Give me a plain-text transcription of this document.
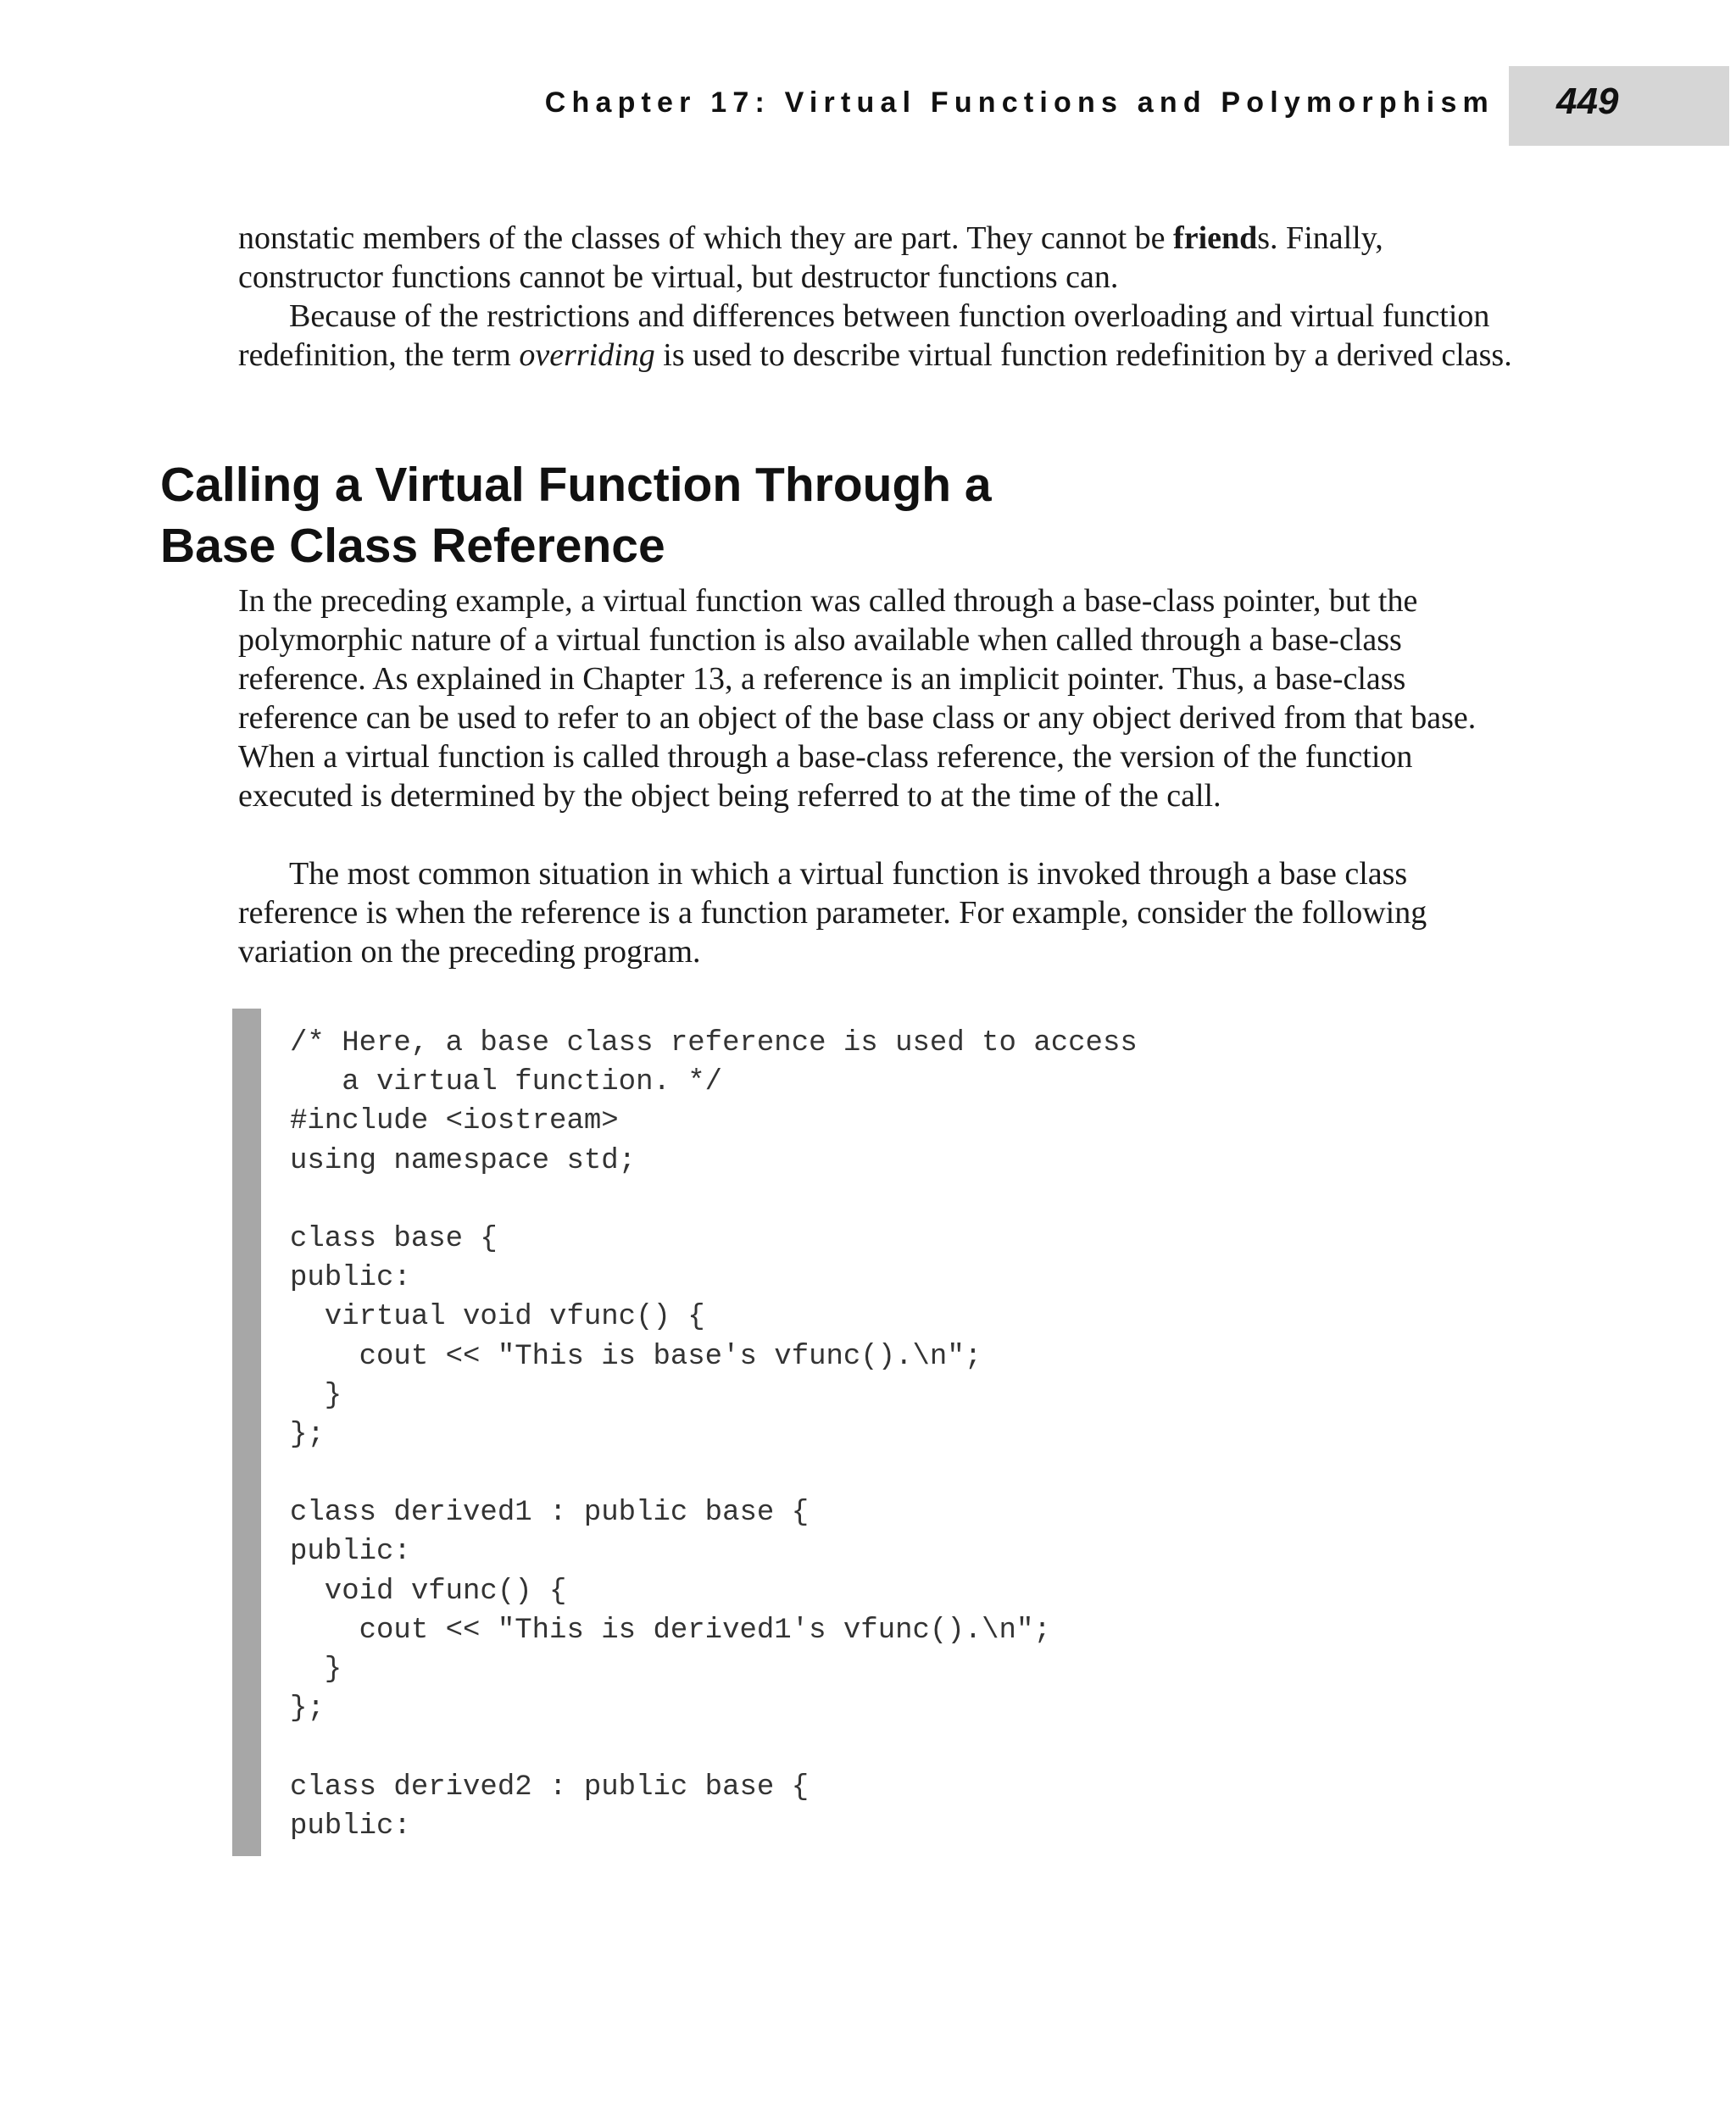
Chapter 17: Virtual Functions and Polymorphism 449

nonstatic members of the classes of which they are part. They cannot be friends. Finally, constructor functions cannot be virtual, but destructor functions can.

Because of the restrictions and differences between function overloading and virtual function redefinition, the term overriding is used to describe virtual function redefinition by a derived class.

Calling a Virtual Function Through a
Base Class Reference

In the preceding example, a virtual function was called through a base-class pointer, but the polymorphic nature of a virtual function is also available when called through a base-class reference. As explained in Chapter 13, a reference is an implicit pointer. Thus, a base-class reference can be used to refer to an object of the base class or any object derived from that base. When a virtual function is called through a base-class reference, the version of the function executed is determined by the object being referred to at the time of the call.

The most common situation in which a virtual function is invoked through a base class reference is when the reference is a function parameter. For example, consider the following variation on the preceding program.

/* Here, a base class reference is used to access
a virtual function. */
#include <iostream>
using namespace std;
class base {
public:
virtual void vfunc() {
cout << "This is base's vfunc().\n";
}
};
class derived1 : public base {
public:
void vfunc() {
cout << "This is derived1's vfunc().\n";
}
};
class derived2 : public base {
public:
